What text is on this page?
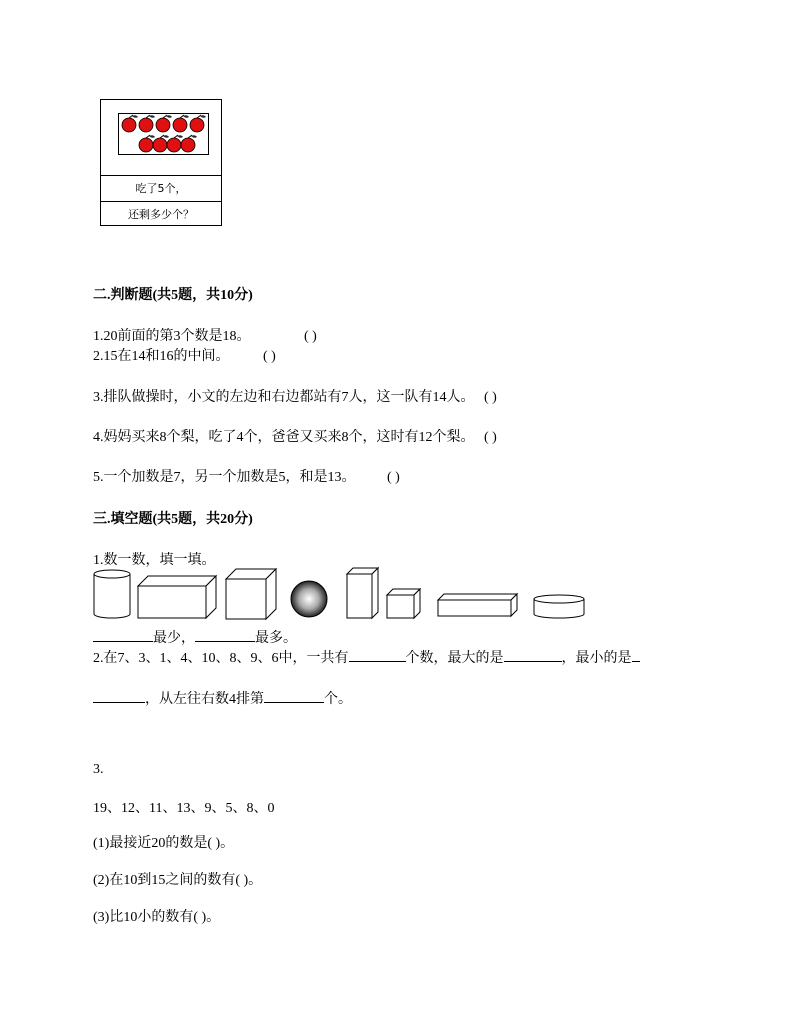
吃了5个，
还剩多少个？
二.判断题(共5题，共10分)
1.20前面的第3个数是18。	( )
2.15在14和16的中间。 ( )
3.排队做操时，小文的左边和右边都站有7人，这一队有14人。 ( )
4.妈妈买来8个梨，吃了4个，爸爸又买来8个，这时有12个梨。 ( )
5.一个加数是7，另一个加数是5，和是13。 ( )
三.填空题(共5题，共20分)
1.数一数，填一填。
最少，	最多。
2.在7、3、1、4、10、8、9、6中，一共有	个数，最大的是	，最小的是
，从左往右数4排第	个。
3.
19、12、11、13、9、5、8、0
(1)最接近20的数是( )。
(2)在10到15之间的数有( )。
(3)比10小的数有( )。
